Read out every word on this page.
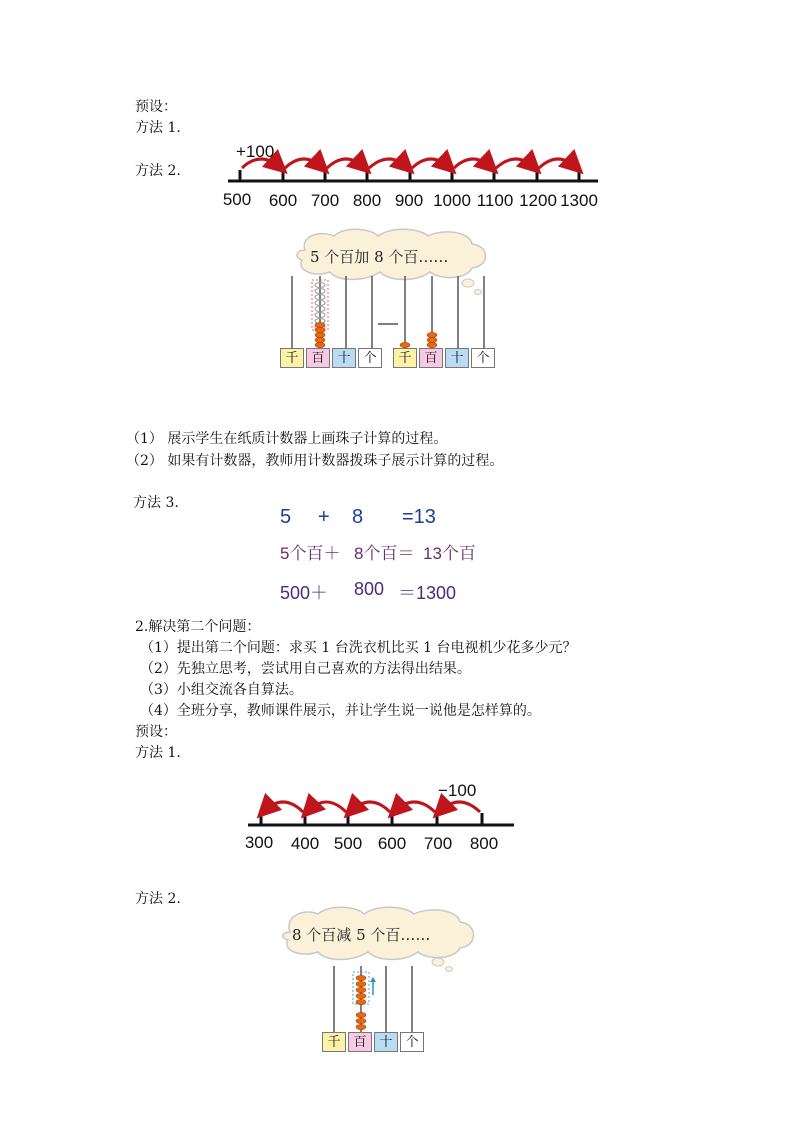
预设：
方法 1.
方法 2.
+100
500 600 700 800 900 1000 1100 1200 1300
5 个百加 8 个百……
千 百 十 个	千 百 十 个
（1） 展示学生在纸质计数器上画珠子计算的过程。
（2） 如果有计数器，教师用计数器拨珠子展示计算的过程。
方法 3.
5 + 8 =13
5个百＋ 8个百＝ 13个百
500＋ 800 ＝1300
2.解决第二个问题：
（1）提出第二个问题：求买 1 台洗衣机比买 1 台电视机少花多少元？
（2）先独立思考，尝试用自己喜欢的方法得出结果。
（3）小组交流各自算法。
（4）全班分享，教师课件展示，并让学生说一说他是怎样算的。
预设：
方法 1.
−100
300 400 500 600 700 800
方法 2.
8 个百减 5 个百……
千 百 十 个
